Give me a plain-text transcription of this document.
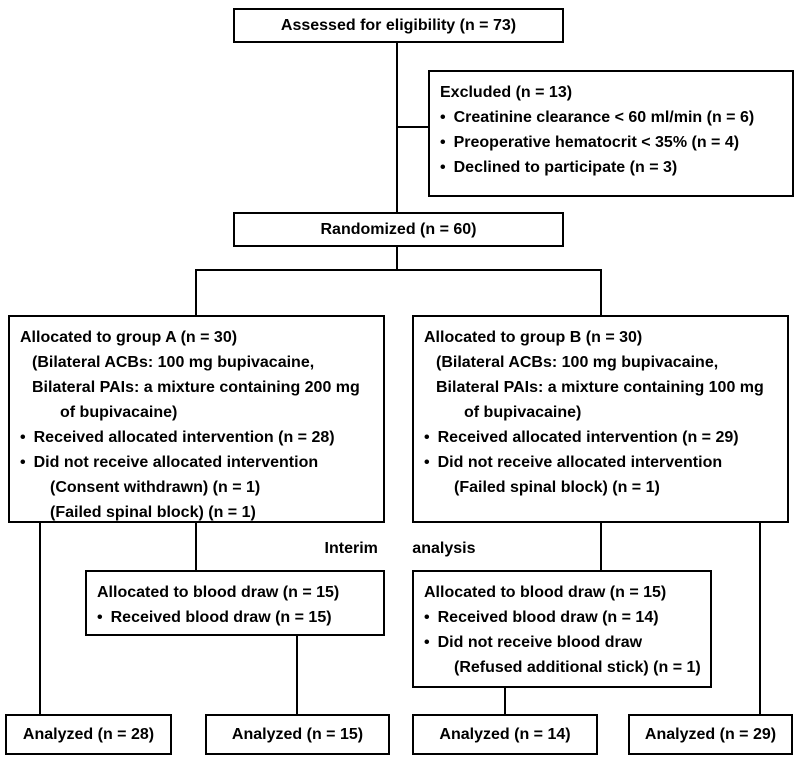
Assessed for eligibility (n = 73)
Excluded (n = 13)
• Creatinine clearance < 60 ml/min (n = 6)
• Preoperative hematocrit < 35% (n = 4)
• Declined to participate (n = 3)
Randomized (n = 60)
Allocated to group A (n = 30)
(Bilateral ACBs: 100 mg bupivacaine,
Bilateral PAIs: a mixture containing 200 mg
of bupivacaine)
• Received allocated intervention (n = 28)
• Did not receive allocated intervention
(Consent withdrawn) (n = 1)
(Failed spinal block) (n = 1)
Allocated to group B (n = 30)
(Bilateral ACBs: 100 mg bupivacaine,
Bilateral PAIs: a mixture containing 100 mg
of bupivacaine)
• Received allocated intervention (n = 29)
• Did not receive allocated intervention
(Failed spinal block) (n = 1)
Interim analysis
Allocated to blood draw (n = 15)
• Received blood draw (n = 15)
Allocated to blood draw (n = 15)
• Received blood draw (n = 14)
• Did not receive blood draw
(Refused additional stick) (n = 1)
Analyzed (n = 28)	Analyzed (n = 15)	Analyzed (n = 14)	Analyzed (n = 29)
